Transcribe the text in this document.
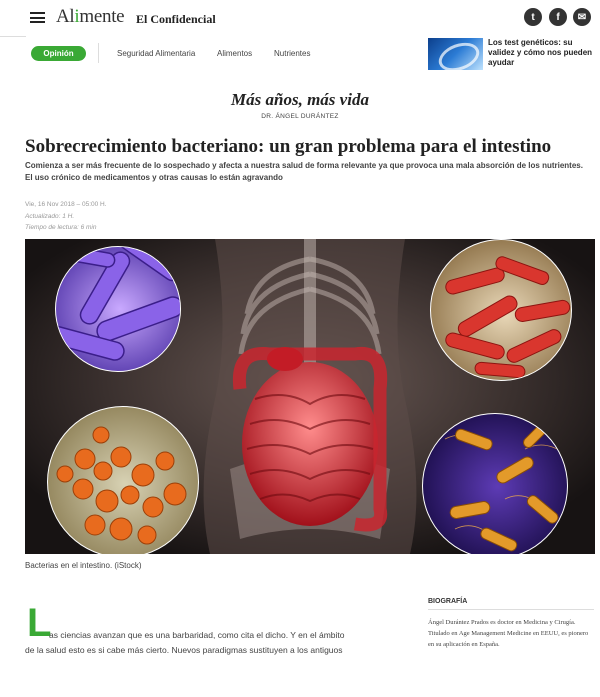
Alimente El Confidencial	t	f	✉
Opinión	Seguridad Alimentaria	Alimentos	Nutrientes
Los test genéticos: su validez y cómo nos pueden ayudar
Más años, más vida
DR. ÁNGEL DURÁNTEZ
Sobrecrecimiento bacteriano: un gran problema para el intestino

Comienza a ser más frecuente de lo sospechado y afecta a nuestra salud de forma relevante ya que provoca una mala absorción de los nutrientes. El uso crónico de medicamentos y otras causas lo están agravando

Vie, 16 Nov 2018 – 05:00 H.
Actualizado: 1 H.
Tiempo de lectura: 6 min
Bacterias en el intestino. (iStock)
L
as ciencias avanzan que es una barbaridad, como cita el dicho. Y en el ámbito
de la salud esto es si cabe más cierto. Nuevos paradigmas sustituyen a los antiguos
BIOGRAFÍA
Ángel Durántez Prados es doctor en Medicina y Cirugía. Titulado en Age Management Medicine en EEUU, es pionero en su aplicación en España.
